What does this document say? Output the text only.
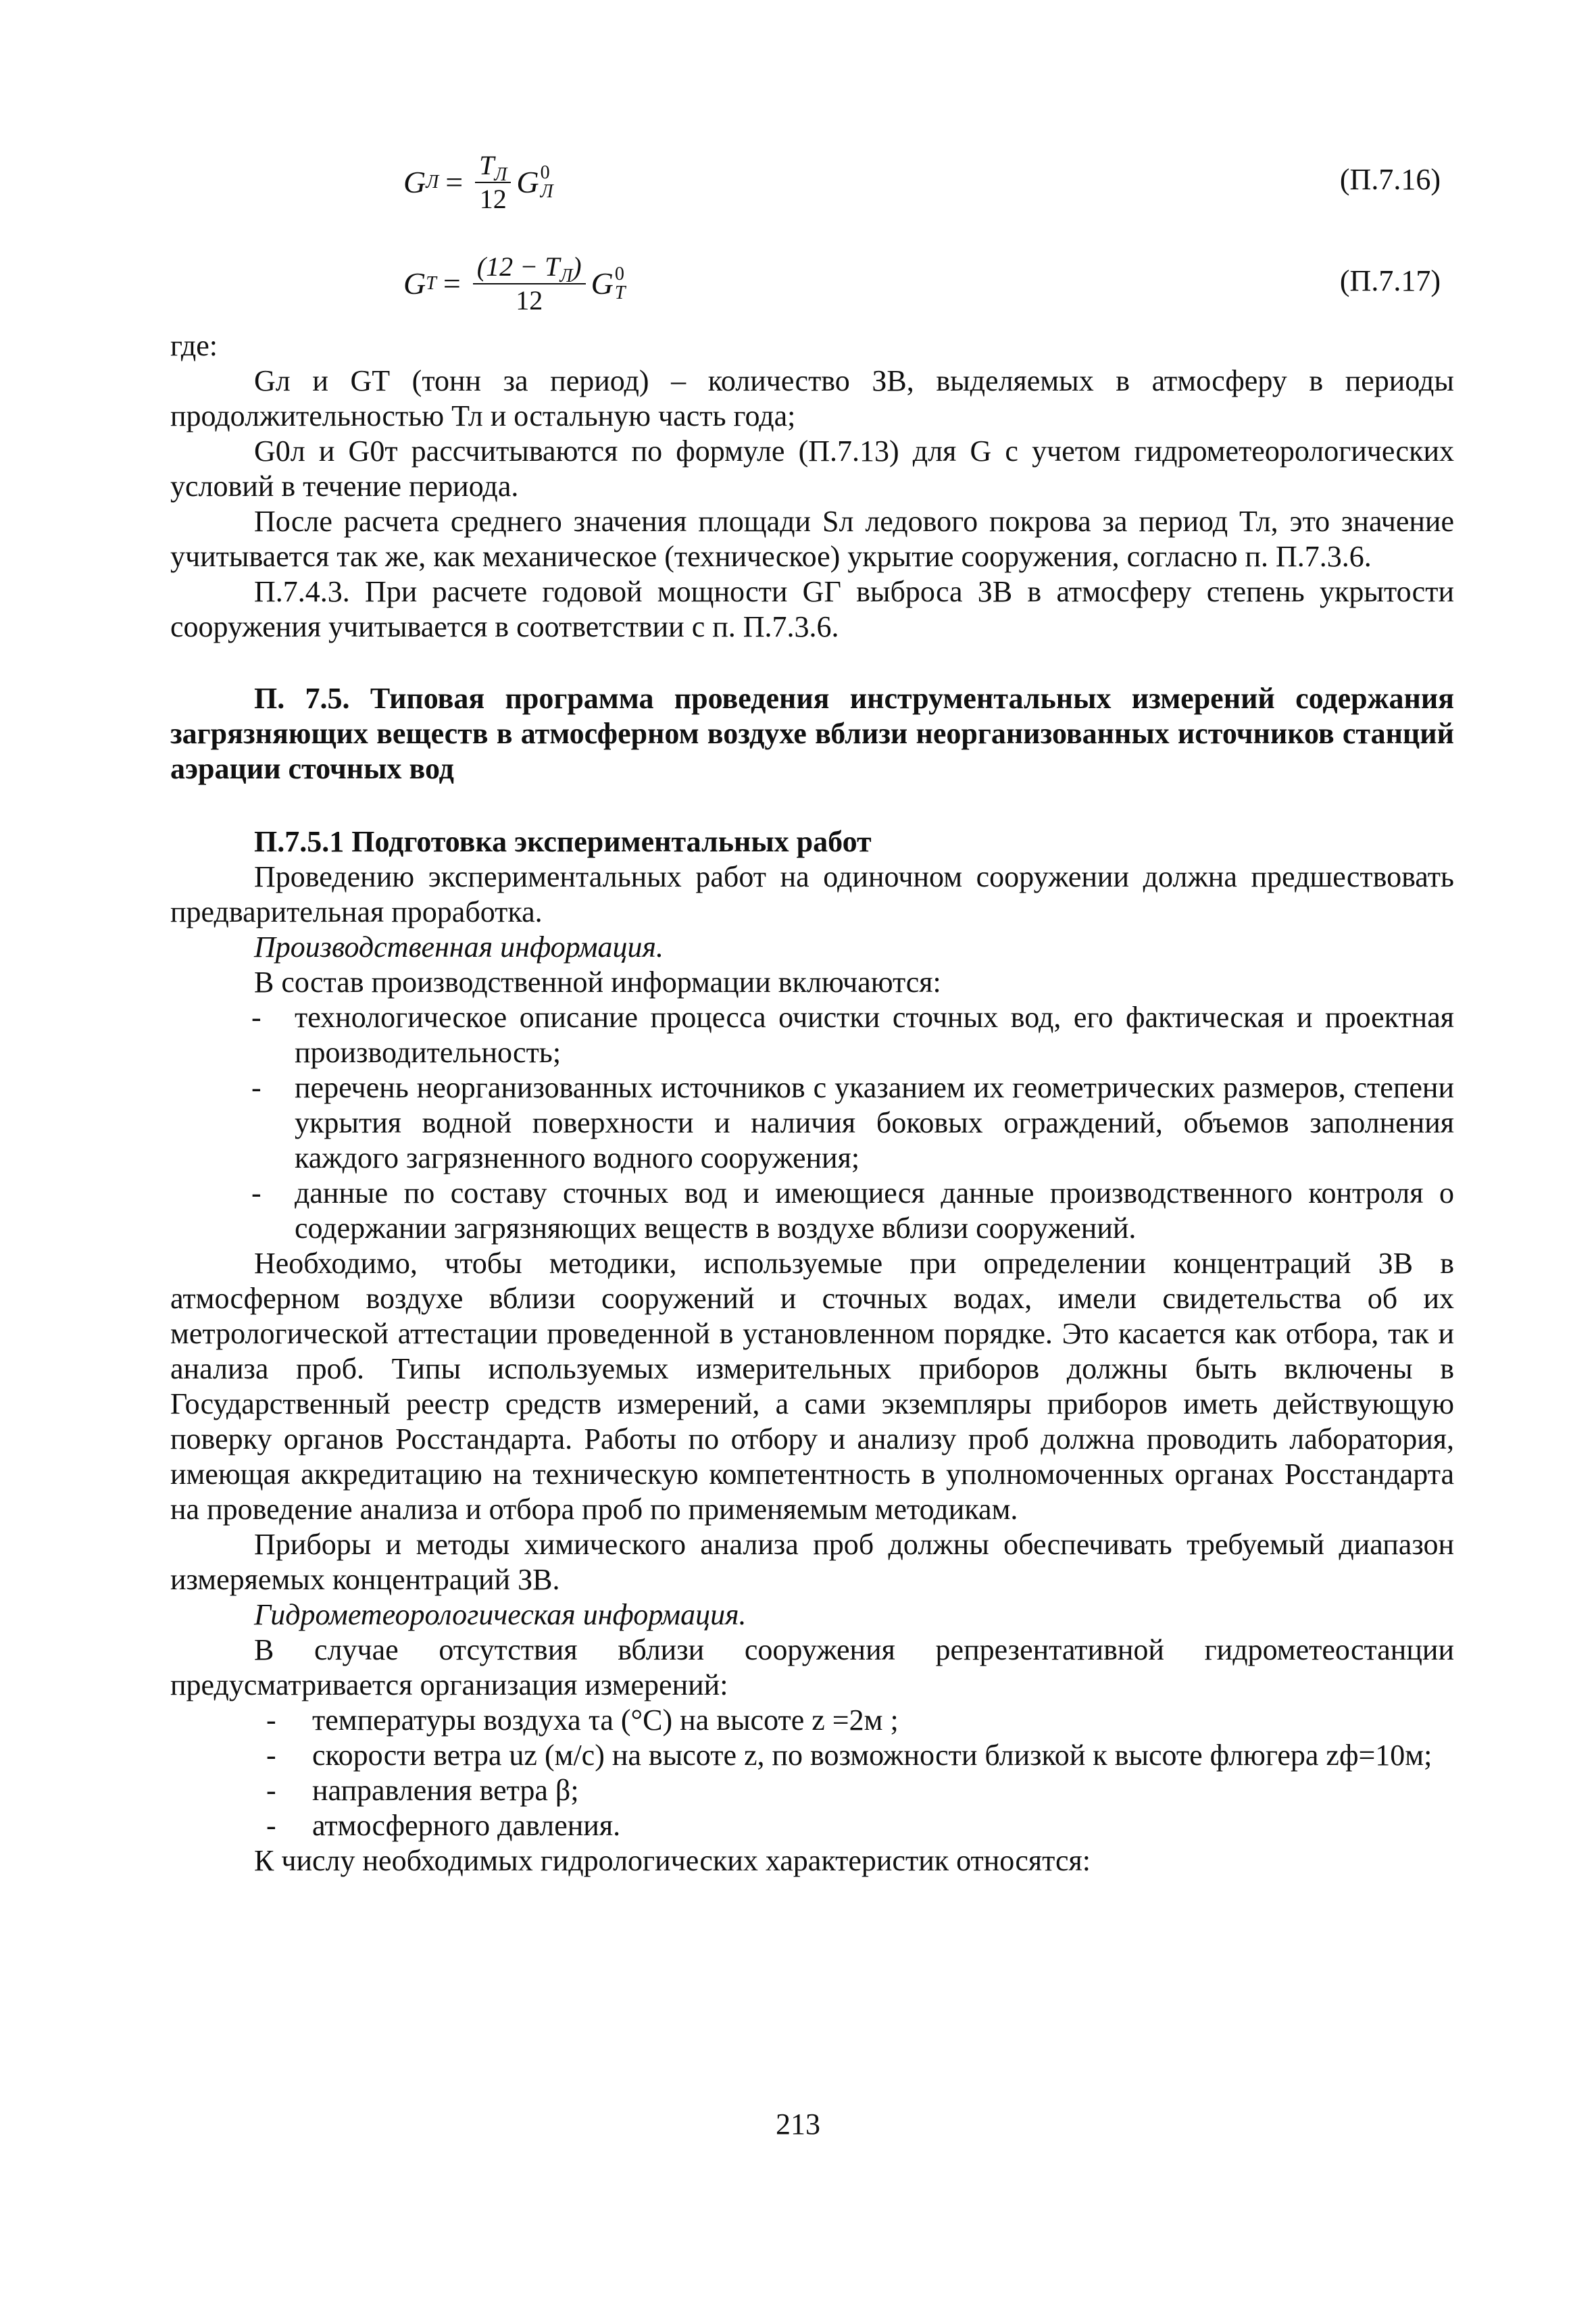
G $Л = \frac{T_Л}{12}$ G 0
Л	(П.7.16)
G $Т = \frac{(12 - T_Л)}{12}$ G 0
Т	(П.7.17)

где:

Gл и GТ (тонн за период) – количество ЗВ, выделяемых в атмосферу в периоды продолжительностью Тл и остальную часть года;

G0л и G0т рассчитываются по формуле (П.7.13) для G с учетом гидрометеорологических условий в течение периода.

После расчета среднего значения площади Sл ледового покрова за период Тл, это значение учитывается так же, как механическое (техническое) укрытие сооружения, согласно п. П.7.3.6.

П.7.4.3. При расчете годовой мощности GГ выброса ЗВ в атмосферу степень укрытости сооружения учитывается в соответствии с п. П.7.3.6.

П. 7.5. Типовая программа проведения инструментальных измерений содержания загрязняющих веществ в атмосферном воздухе вблизи неорганизованных источников станций аэрации сточных вод

П.7.5.1 Подготовка экспериментальных работ

Проведению экспериментальных работ на одиночном сооружении должна предшествовать предварительная проработка.

Производственная информация.

В состав производственной информации включаются:

- технологическое описание процесса очистки сточных вод, его фактическая и проектная производительность;
- перечень неорганизованных источников с указанием их геометрических размеров, степени укрытия водной поверхности и наличия боковых ограждений, объемов заполнения каждого загрязненного водного сооружения;
- данные по составу сточных вод и имеющиеся данные производственного контроля о содержании загрязняющих веществ в воздухе вблизи сооружений.

Необходимо, чтобы методики, используемые при определении концентраций ЗВ в атмосферном воздухе вблизи сооружений и сточных водах, имели свидетельства об их метрологической аттестации проведенной в установленном порядке. Это касается как отбора, так и анализа проб. Типы используемых измерительных приборов должны быть включены в Государственный реестр средств измерений, а сами экземпляры приборов иметь действующую поверку органов Росстандарта. Работы по отбору и анализу проб должна проводить лаборатория, имеющая аккредитацию на техническую компетентность в уполномоченных органах Росстандарта на проведение анализа и отбора проб по применяемым методикам.

Приборы и методы химического анализа проб должны обеспечивать требуемый диапазон измеряемых концентраций ЗВ.

Гидрометеорологическая информация.

В случае отсутствия вблизи сооружения репрезентативной гидрометеостанции предусматривается организация измерений:

- температуры воздуха τa (°С) на высоте z =2м ;
- скорости ветра uz (м/с) на высоте z, по возможности близкой к высоте флюгера zф=10м;
- направления ветра β;
- атмосферного давления.

К числу необходимых гидрологических характеристик относятся:

213
